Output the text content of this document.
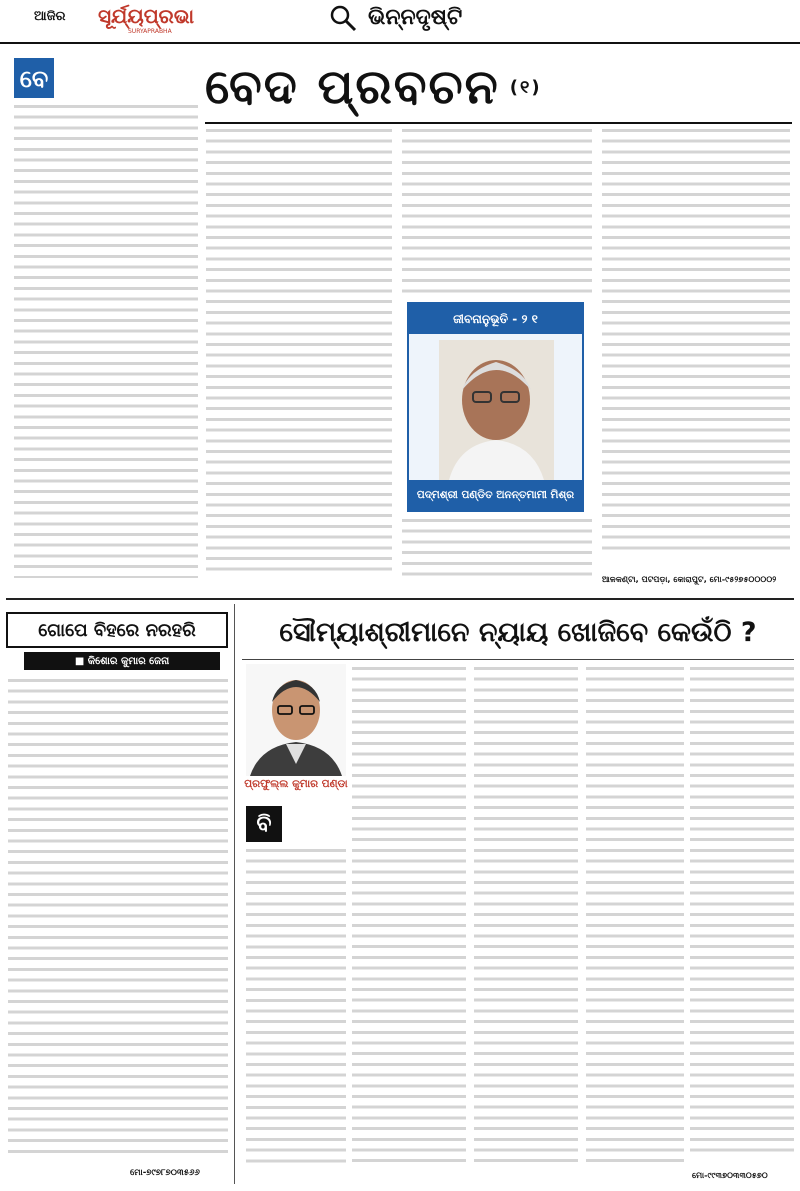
ଆଜିର ସୂର୍ଯ୍ୟପ୍ରଭା
SURYAPRABHA
ଭିନ୍ନଦୃଷ୍ଟି
ବେ	ବେଦ ପ୍ରବଚନ (୧)
ଜୀବନାନୁଭୂତି - ୨ ୧
ପଦ୍ମଶ୍ରୀ ପଣ୍ଡିତ ଅନନ୍ତମାମୀ ମିଶ୍ର
ଆଳକଣ୍ଟା, ପଟପଡ଼ା, କୋରାପୁଟ, ମୋ-୯୫୨୭୫୦୦୦୦୨
ଗୋପେ ବିହରେ ନରହରି
■ କିଶୋର କୁମାର ଜେନା
ମୋ-୭୯୭୮୭୦୩୫୬୬
ସୌମ୍ୟାଶ୍ରୀମାନେ ନ୍ୟାୟ ଖୋଜିବେ କେଉଁଠି ?
ପ୍ରଫୁଲ୍ଲ କୁମାର ପଣ୍ଡା
ବି
ମୋ-୯୯୩୭୦୩୩୦୫୭୦
